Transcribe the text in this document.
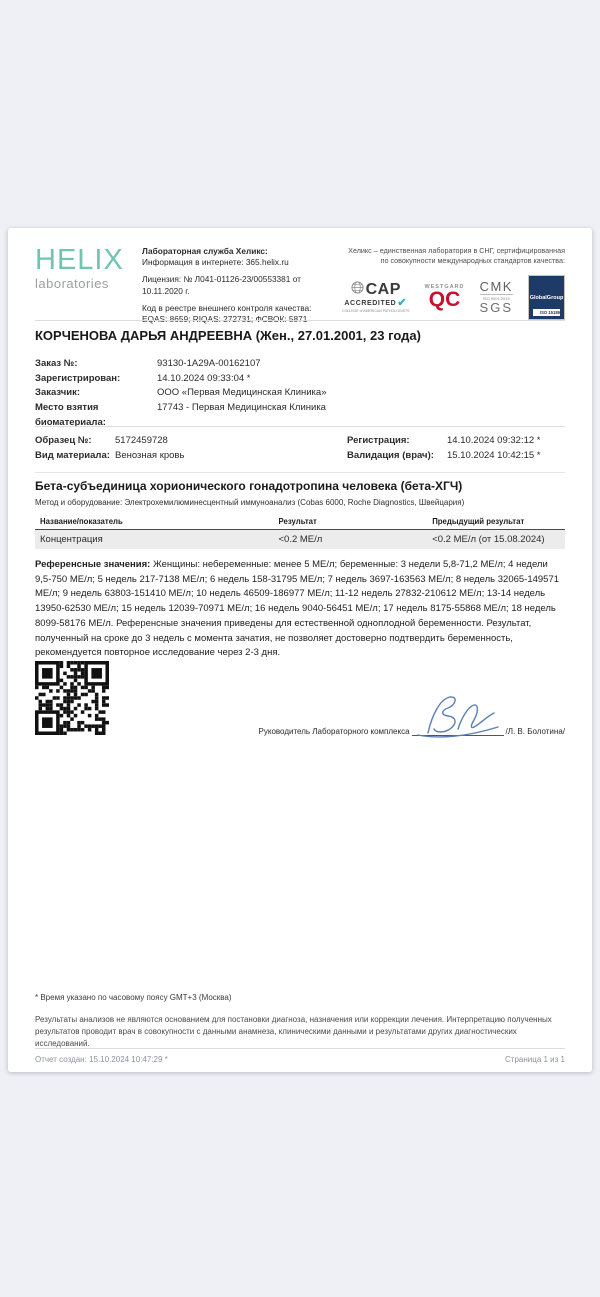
HELIX
laboratories
Лабораторная служба Хеликс:
Информация в интернете: 365.helix.ru
Лицензия: № Л041-01126-23/00553381 от 10.11.2020 г.
Код в реестре внешнего контроля качества:
EQAS: 8659; RIQAS: 272731; ФСВОК: 5871
Хеликс – единственная лаборатория в СНГ, сертифицированная
по совокупности международных стандартов качества:
CAP
ACCREDITED ✔
COLLEGE of AMERICAN PATHOLOGISTS
WESTGARD
QC
CMK
ISO 9001:2015
SGS
GlobalGroup
ISO 15189
КОРЧЕНОВА ДАРЬЯ АНДРЕЕВНА (Жен., 27.01.2001, 23 года)
Заказ №:	93130-1A29A-00162107
Зарегистрирован:	14.10.2024 09:33:04 *
Заказчик:	ООО «Первая Медицинская Клиника»
Место взятия биоматериала:
17743 - Первая Медицинская Клиника
Образец №:	5172459728
Вид материала: Венозная кровь
Регистрация:	14.10.2024 09:32:12 *
Валидация (врач):	15.10.2024 10:42:15 *
Бета-субъединица хорионического гонадотропина человека (бета-ХГЧ)
Метод и оборудование: Электрохемилюминесцентный иммуноанализ (Cobas 6000, Roche Diagnostics, Швейцария)
Название/показатель	Результат	Предыдущий результат
Концентрация	<0.2 МЕ/л	<0.2 МЕ/л (от 15.08.2024)

Референсные значения: Женщины: небеременные: менее 5 МЕ/л; беременные: 3 недели 5,8-71,2 МЕ/л; 4 недели 9,5-750 МЕ/л; 5 недель 217-7138 МЕ/л; 6 недель 158-31795 МЕ/л; 7 недель 3697-163563 МЕ/л; 8 недель 32065-149571 МЕ/л; 9 недель 63803-151410 МЕ/л; 10 недель 46509-186977 МЕ/л; 11-12 недель 27832-210612 МЕ/л; 13-14 недель 13950-62530 МЕ/л; 15 недель 12039-70971 МЕ/л; 16 недель 9040-56451 МЕ/л; 17 недель 8175-55868 МЕ/л; 18 недель 8099-58176 МЕ/л. Референсные значения приведены для естественной одноплодной беременности. Результат, полученный на сроке до 3 недель с момента зачатия, не позволяет достоверно подтвердить беременность, рекомендуется повторное исследование через 2-3 дня.

Руководитель Лабораторного комплекса	/Л. В. Болотина/
* Время указано по часовому поясу GMT+3 (Москва)
Результаты анализов не являются основанием для постановки диагноза, назначения или коррекции лечения. Интерпретацию полученных результатов проводит врач в совокупности с данными анамнеза, клиническими данными и результатами других диагностических исследований.
Отчет создан: 15.10.2024 10:47:29 *	Страница 1 из 1
